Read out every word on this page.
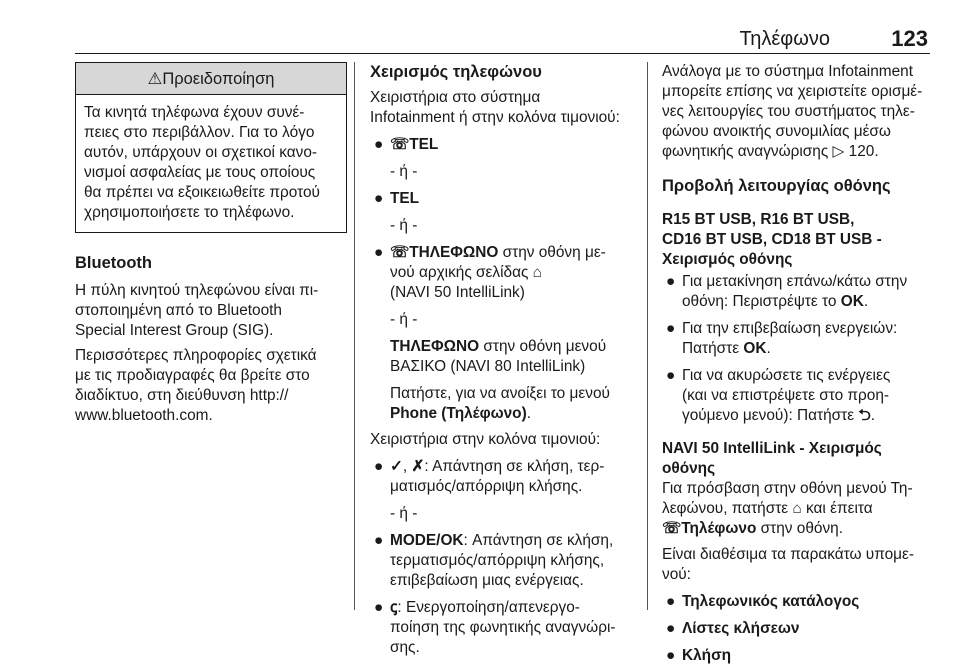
Τηλέφωνο	123
⚠Προειδοποίηση
Τα κινητά τηλέφωνα έχουν συνέ-
πειες στο περιβάλλον. Για το λόγο
αυτόν, υπάρχουν οι σχετικοί κανο-
νισμοί ασφαλείας με τους οποίους
θα πρέπει να εξοικειωθείτε προτού
χρησιμοποιήσετε το τηλέφωνο.
Bluetooth

Η πύλη κινητού τηλεφώνου είναι πι-
στοποιημένη από το Bluetooth
Special Interest Group (SIG).

Περισσότερες πληροφορίες σχετικά
με τις προδιαγραφές θα βρείτε στο
διαδίκτυο, στη διεύθυνση http://
www.bluetooth.com.

Χειρισμός τηλεφώνου

Χειριστήρια στο σύστημα
Infotainment ή στην κολόνα τιμονιού:

● ☏TEL
- ή -
● TEL
- ή -
● ☏ΤΗΛΕΦΩΝΟ στην οθόνη με-
νού αρχικής σελίδας ⌂
(NAVI 50 IntelliLink)
- ή -
ΤΗΛΕΦΩΝΟ στην οθόνη μενού
ΒΑΣΙΚΟ (NAVI 80 IntelliLink)
Πατήστε, για να ανοίξει το μενού
Phone (Τηλέφωνο).

Χειριστήρια στην κολόνα τιμονιού:

● ✓, ✗: Απάντηση σε κλήση, τερ-
ματισμός/απόρριψη κλήσης.
- ή -
● MODE/OK: Απάντηση σε κλήση,
τερματισμός/απόρριψη κλήσης,
επιβεβαίωση μιας ενέργειας.
● ꞔ: Ενεργοποίηση/απενεργο-
ποίηση της φωνητικής αναγνώρι-
σης.

Ανάλογα με το σύστημα Infotainment
μπορείτε επίσης να χειριστείτε ορισμέ-
νες λειτουργίες του συστήματος τηλε-
φώνου ανοικτής συνομιλίας μέσω
φωνητικής αναγνώρισης ▷ 120.

Προβολή λειτουργίας οθόνης
R15 BT USB, R16 BT USB,
CD16 BT USB, CD18 BT USB -
Χειρισμός οθόνης
● Για μετακίνηση επάνω/κάτω στην
οθόνη: Περιστρέψτε το OK.
● Για την επιβεβαίωση ενεργειών:
Πατήστε OK.
● Για να ακυρώσετε τις ενέργειες
(και να επιστρέψετε στο προη-
γούμενο μενού): Πατήστε ⮌.
NAVI 50 IntelliLink - Χειρισμός
οθόνης

Για πρόσβαση στην οθόνη μενού Τη-
λεφώνου, πατήστε ⌂ και έπειτα
☏Τηλέφωνο στην οθόνη.

Είναι διαθέσιμα τα παρακάτω υπομε-
νού:

● Τηλεφωνικός κατάλογος
● Λίστες κλήσεων
● Κλήση
